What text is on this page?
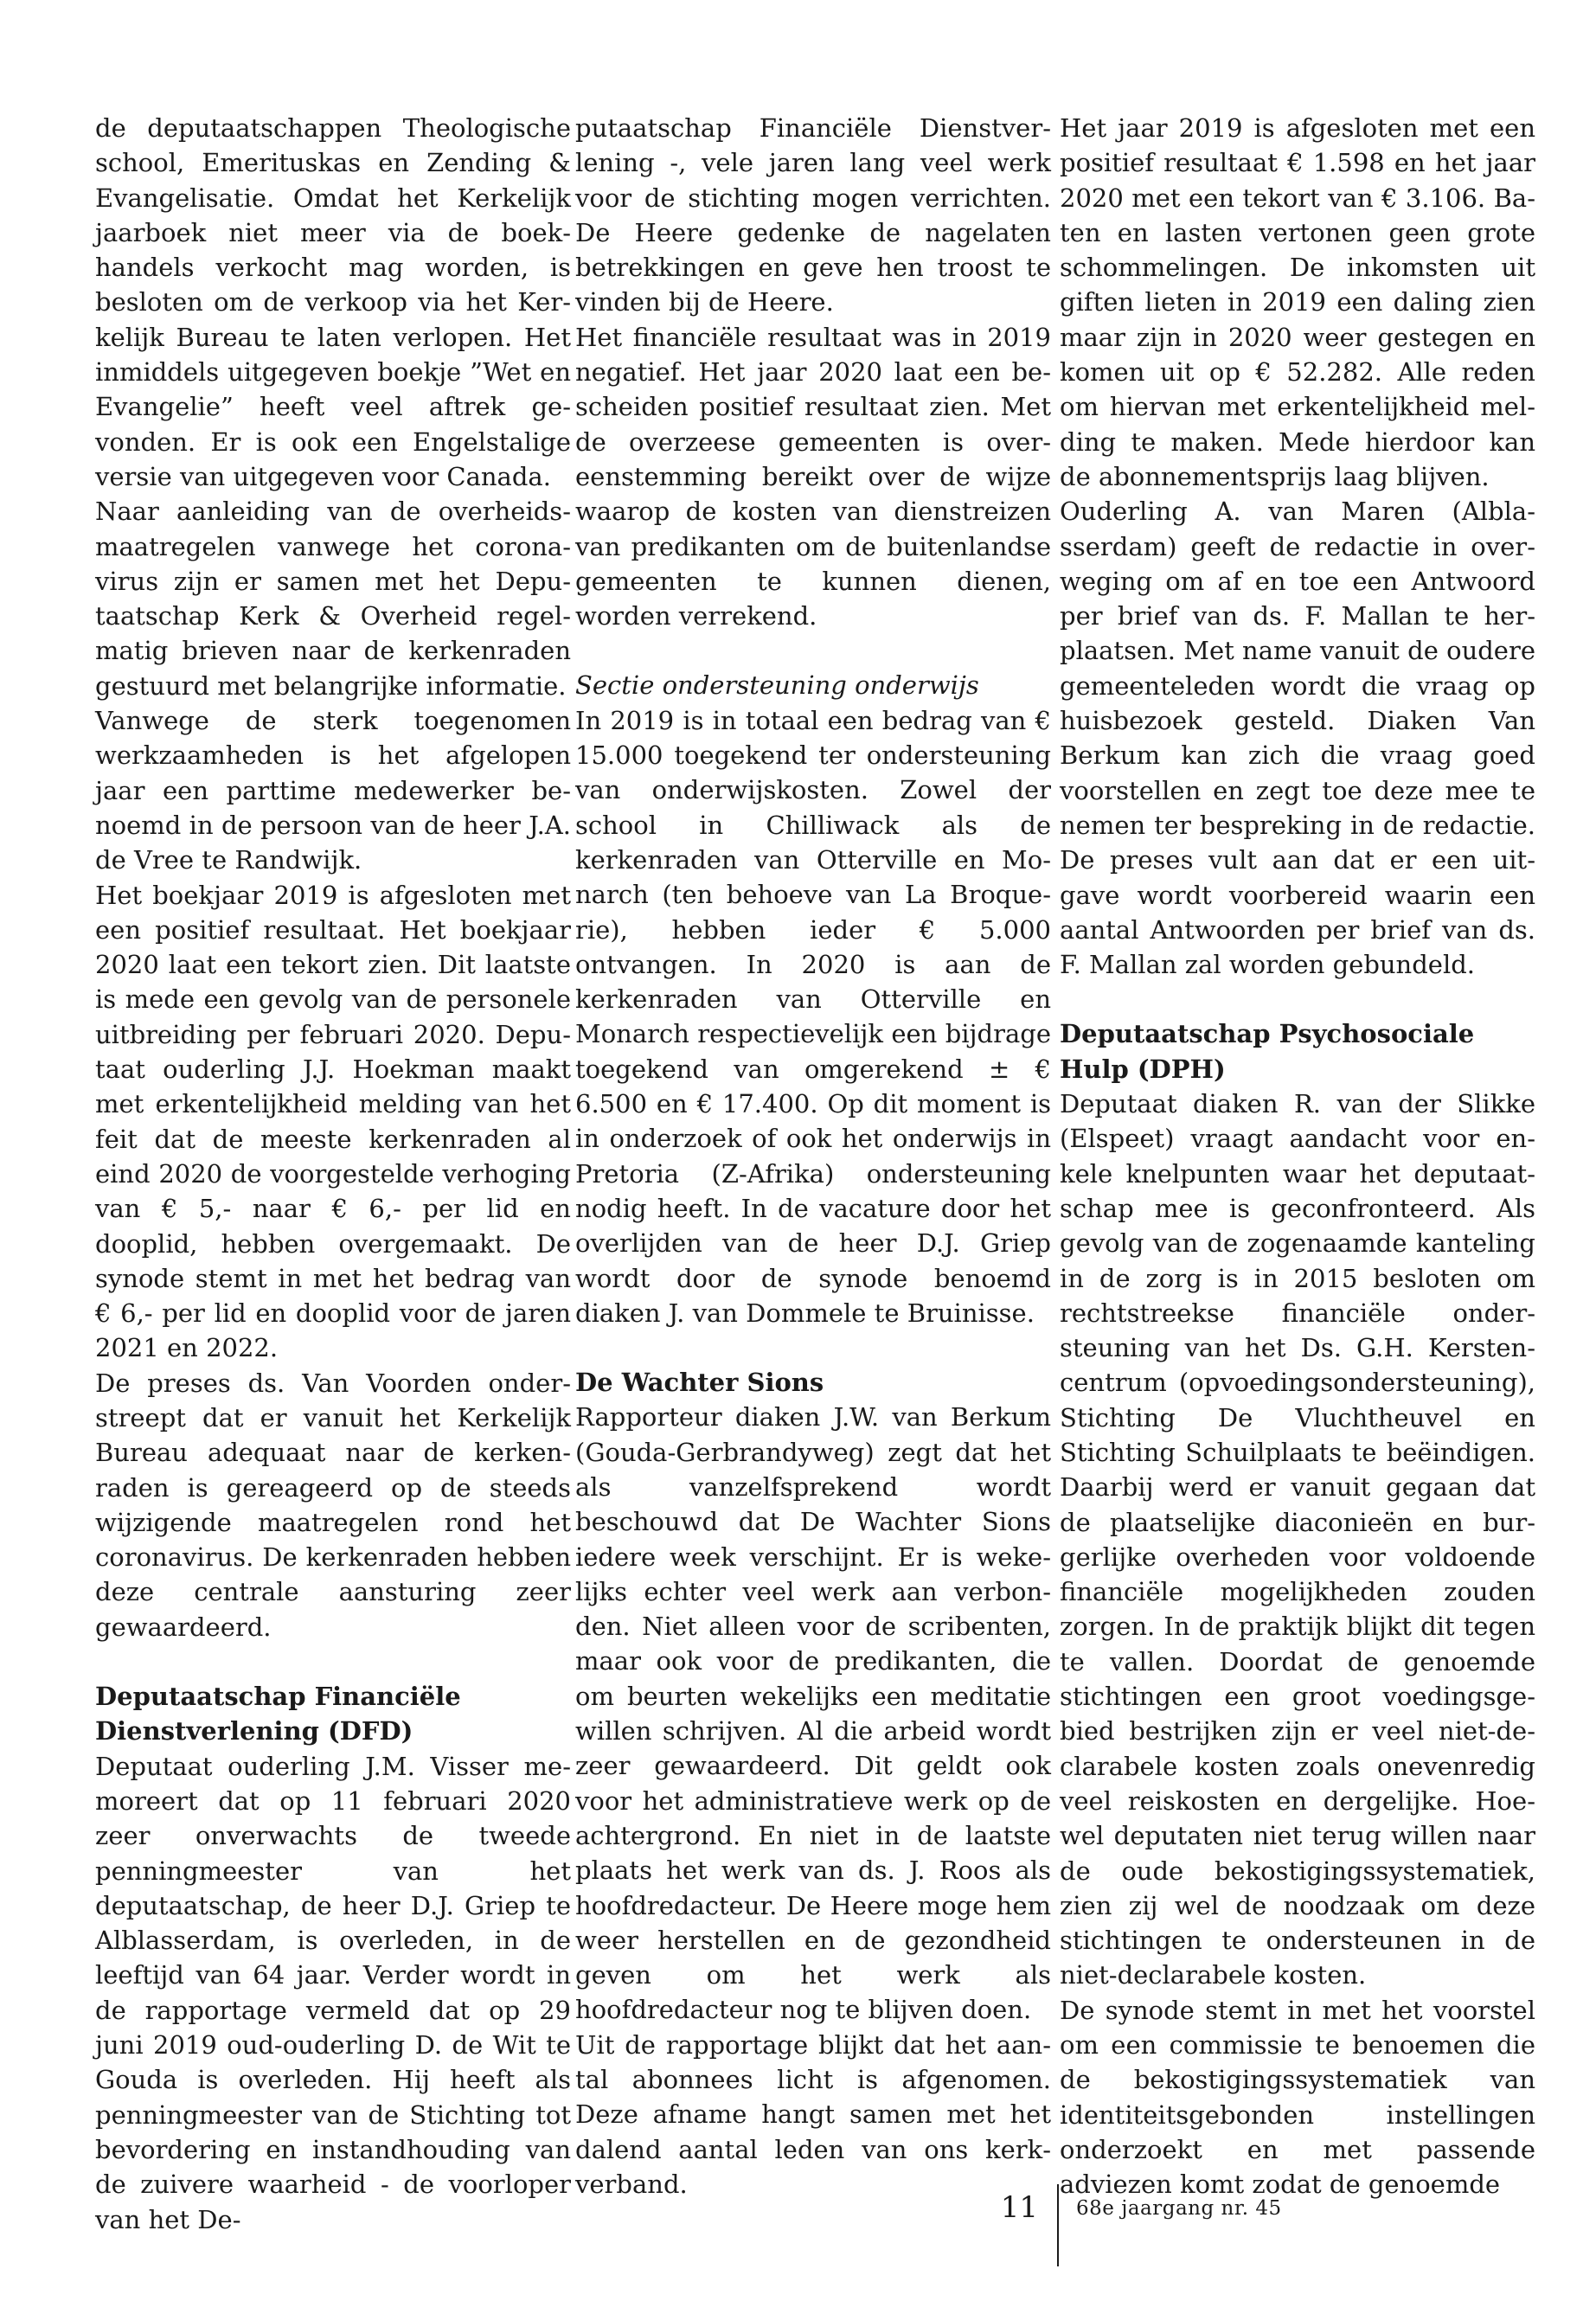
de deputaatschappen Theologische school, Emerituskas en Zending & Evangelisatie. Omdat het Kerkelijk jaarboek niet meer via de boekhandels verkocht mag worden, is besloten om de verkoop via het Kerkelijk Bureau te laten verlopen. Het inmiddels uitgegeven boekje ”Wet en Evangelie” heeft veel aftrek gevonden. Er is ook een Engelstalige versie van uitgegeven voor Canada.

Naar aanleiding van de overheidsmaatregelen vanwege het coronavirus zijn er samen met het Deputaatschap Kerk & Overheid regelmatig brieven naar de kerkenraden gestuurd met belangrijke informatie.

Vanwege de sterk toegenomen werkzaamheden is het afgelopen jaar een parttime medewerker benoemd in de persoon van de heer J.A. de Vree te Randwijk.

Het boekjaar 2019 is afgesloten met een positief resultaat. Het boekjaar 2020 laat een tekort zien. Dit laatste is mede een gevolg van de personele uitbreiding per februari 2020. Deputaat ouderling J.J. Hoekman maakt met erkentelijkheid melding van het feit dat de meeste kerkenraden al eind 2020 de voorgestelde verhoging van € 5,- naar € 6,- per lid en dooplid, hebben overgemaakt. De synode stemt in met het bedrag van € 6,- per lid en dooplid voor de jaren 2021 en 2022.

De preses ds. Van Voorden onderstreept dat er vanuit het Kerkelijk Bureau adequaat naar de kerkenraden is gereageerd op de steeds wijzigende maatregelen rond het coronavirus. De kerkenraden hebben deze centrale aansturing zeer gewaardeerd.

Deputaatschap Financiële Dienstverlening (DFD)

Deputaat ouderling J.M. Visser memoreert dat op 11 februari 2020 zeer onverwachts de tweede penningmeester van het deputaatschap, de heer D.J. Griep te Alblasserdam, is overleden, in de leeftijd van 64 jaar. Verder wordt in de rapportage vermeld dat op 29 juni 2019 oud-ouderling D. de Wit te Gouda is overleden. Hij heeft als penningmeester van de Stichting tot bevordering en instandhouding van de zuivere waarheid - de voorloper van het De-

putaatschap Financiële Dienstverlening -, vele jaren lang veel werk voor de stichting mogen verrichten. De Heere gedenke de nagelaten betrekkingen en geve hen troost te vinden bij de Heere.

Het financiële resultaat was in 2019 negatief. Het jaar 2020 laat een bescheiden positief resultaat zien. Met de overzeese gemeenten is overeenstemming bereikt over de wijze waarop de kosten van dienstreizen van predikanten om de buitenlandse gemeenten te kunnen dienen, worden verrekend.

Sectie ondersteuning onderwijs

In 2019 is in totaal een bedrag van € 15.000 toegekend ter ondersteuning van onderwijskosten. Zowel der school in Chilliwack als de kerkenraden van Otterville en Monarch (ten behoeve van La Broquerie), hebben ieder € 5.000 ontvangen. In 2020 is aan de kerkenraden van Otterville en Monarch respectievelijk een bijdrage toegekend van omgerekend ± € 6.500 en € 17.400. Op dit moment is in onderzoek of ook het onderwijs in Pretoria (Z-Afrika) ondersteuning nodig heeft. In de vacature door het overlijden van de heer D.J. Griep wordt door de synode benoemd diaken J. van Dommele te Bruinisse.

De Wachter Sions

Rapporteur diaken J.W. van Berkum (Gouda-Gerbrandyweg) zegt dat het als vanzelfsprekend wordt beschouwd dat De Wachter Sions iedere week verschijnt. Er is wekelijks echter veel werk aan verbonden. Niet alleen voor de scribenten, maar ook voor de predikanten, die om beurten wekelijks een meditatie willen schrijven. Al die arbeid wordt zeer gewaardeerd. Dit geldt ook voor het administratieve werk op de achtergrond. En niet in de laatste plaats het werk van ds. J. Roos als hoofdredacteur. De Heere moge hem weer herstellen en de gezondheid geven om het werk als hoofdredacteur nog te blijven doen.

Uit de rapportage blijkt dat het aantal abonnees licht is afgenomen. Deze afname hangt samen met het dalend aantal leden van ons kerkverband.

Het jaar 2019 is afgesloten met een positief resultaat € 1.598 en het jaar 2020 met een tekort van € 3.106. Baten en lasten vertonen geen grote schommelingen. De inkomsten uit giften lieten in 2019 een daling zien maar zijn in 2020 weer gestegen en komen uit op € 52.282. Alle reden om hiervan met erkentelijkheid melding te maken. Mede hierdoor kan de abonnementsprijs laag blijven.

Ouderling A. van Maren (Alblasserdam) geeft de redactie in overweging om af en toe een Antwoord per brief van ds. F. Mallan te herplaatsen. Met name vanuit de oudere gemeenteleden wordt die vraag op huisbezoek gesteld. Diaken Van Berkum kan zich die vraag goed voorstellen en zegt toe deze mee te nemen ter bespreking in de redactie. De preses vult aan dat er een uitgave wordt voorbereid waarin een aantal Antwoorden per brief van ds. F. Mallan zal worden gebundeld.

Deputaatschap Psychosociale Hulp (DPH)

Deputaat diaken R. van der Slikke (Elspeet) vraagt aandacht voor enkele knelpunten waar het deputaatschap mee is geconfronteerd. Als gevolg van de zogenaamde kanteling in de zorg is in 2015 besloten om rechtstreekse financiële ondersteuning van het Ds. G.H. Kerstencentrum (opvoedingsondersteuning), Stichting De Vluchtheuvel en Stichting Schuilplaats te beëindigen. Daarbij werd er vanuit gegaan dat de plaatselijke diaconieën en burgerlijke overheden voor voldoende financiële mogelijkheden zouden zorgen. In de praktijk blijkt dit tegen te vallen. Doordat de genoemde stichtingen een groot voedingsgebied bestrijken zijn er veel niet-declarabele kosten zoals onevenredig veel reiskosten en dergelijke. Hoewel deputaten niet terug willen naar de oude bekostigingssystematiek, zien zij wel de noodzaak om deze stichtingen te ondersteunen in de niet-declarabele kosten.

De synode stemt in met het voorstel om een commissie te benoemen die de bekostigingssystematiek van identiteitsgebonden instellingen onderzoekt en met passende adviezen komt zodat de genoemde

11 68e jaargang nr. 45
